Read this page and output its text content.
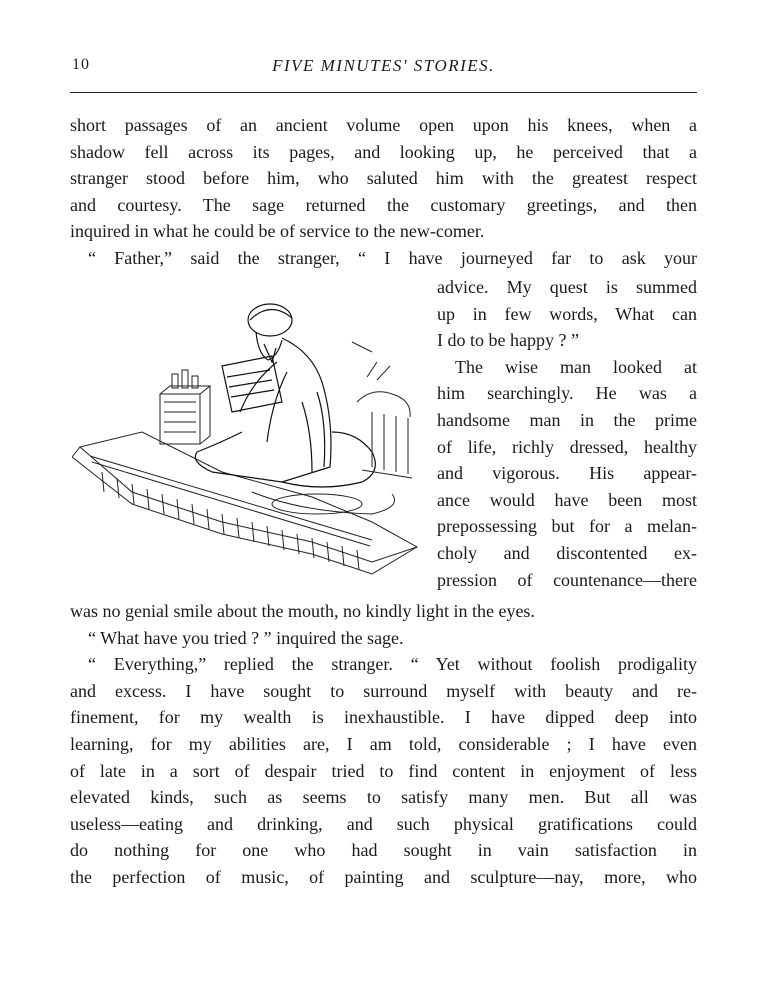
10	FIVE MINUTES' STORIES.
short passages of an ancient volume open upon his knees, when a
shadow fell across its pages, and looking up, he perceived that a
stranger stood before him, who saluted him with the greatest respect
and courtesy. The sage returned the customary greetings, and then
inquired in what he could be of service to the new-comer.
“ Father,” said the stranger, “ I have journeyed far to ask your
advice. My quest is summed
up in few words, What can
I do to be happy ? ”
The wise man looked at
him searchingly. He was a
handsome man in the prime
of life, richly dressed, healthy
and vigorous. His appear-
ance would have been most
prepossessing but for a melan-
choly and discontented ex-
pression of countenance—there
was no genial smile about the mouth, no kindly light in the eyes.
“ What have you tried ? ” inquired the sage.
“ Everything,” replied the stranger. “ Yet without foolish prodigality
and excess. I have sought to surround myself with beauty and re-
finement, for my wealth is inexhaustible. I have dipped deep into
learning, for my abilities are, I am told, considerable ; I have even
of late in a sort of despair tried to find content in enjoyment of less
elevated kinds, such as seems to satisfy many men. But all was
useless—eating and drinking, and such physical gratifications could
do nothing for one who had sought in vain satisfaction in
the perfection of music, of painting and sculpture—nay, more, who
